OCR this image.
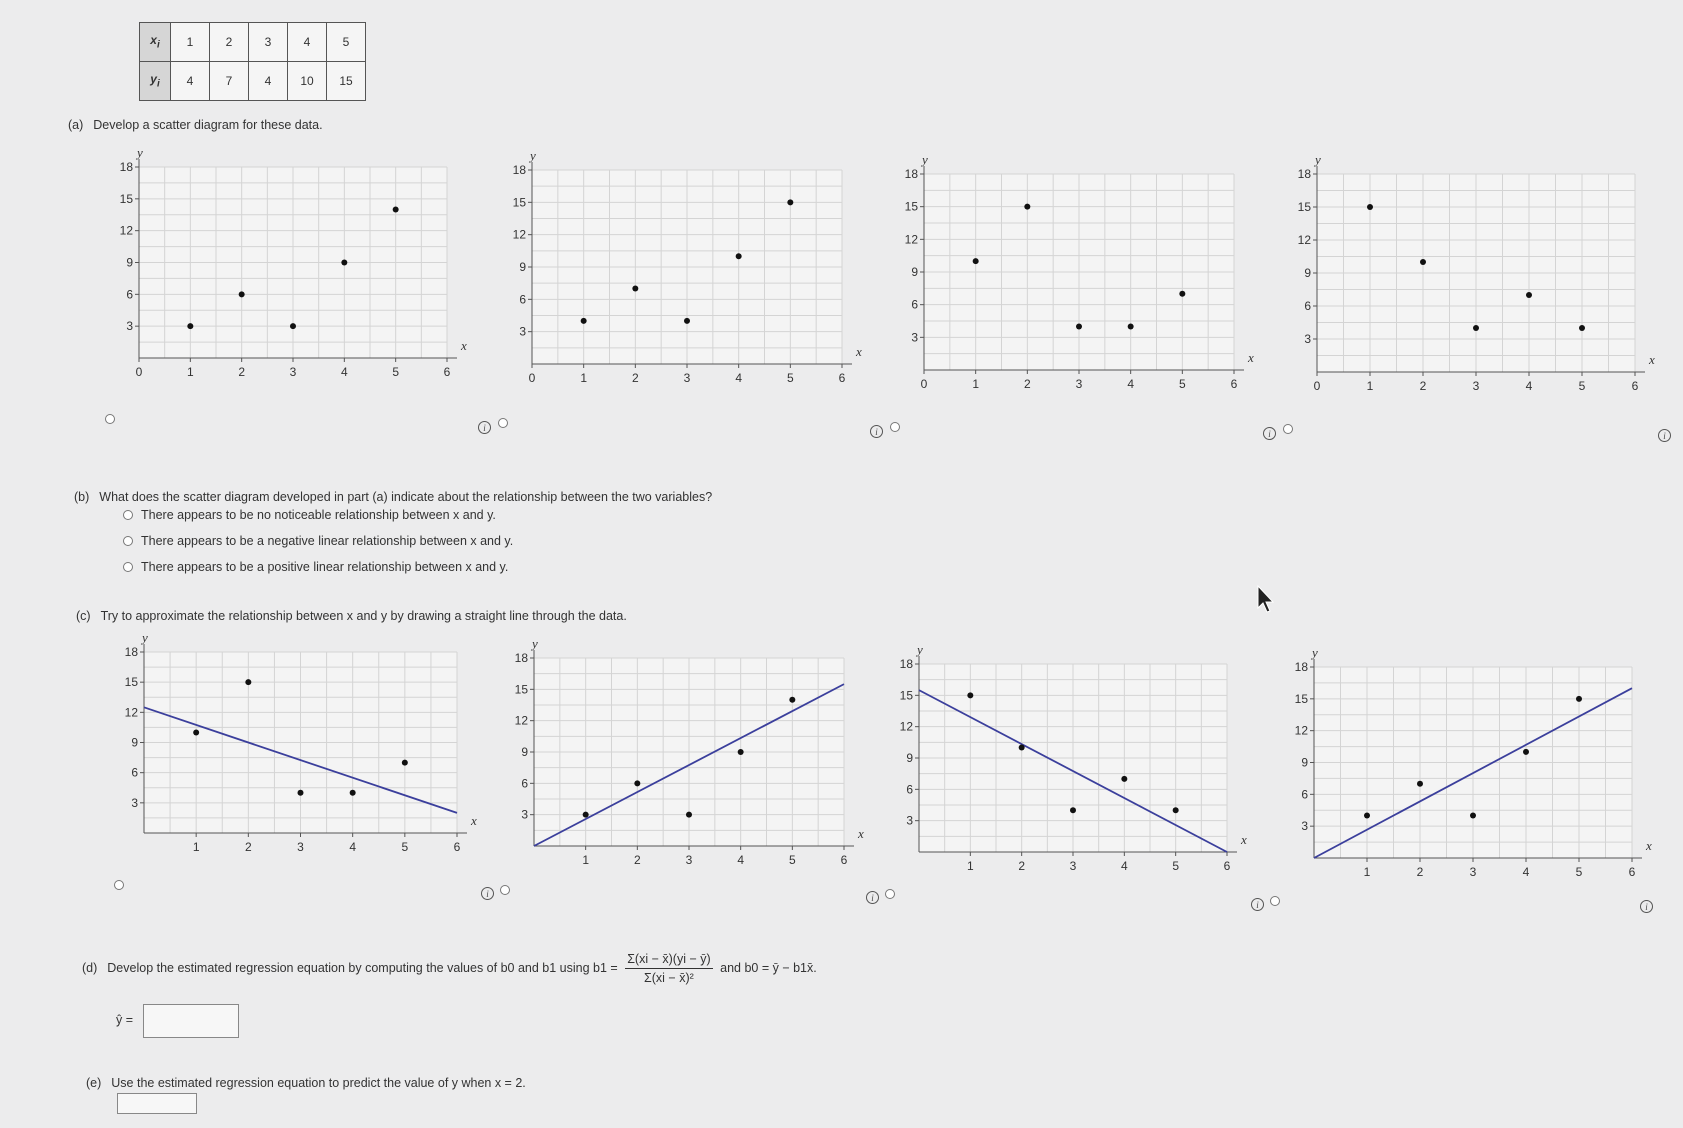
$x_i$	1	2	3	4	5
$y_i$	4	7	4	10	15
(a) Develop a scatter diagram for these data.
0	1	2	3	4	5	6
3
6
9
12
15
18
x
y
0	1	2	3	4	5	6
3
6
9
12
15
18
x
y
0	1	2	3	4	5	6
3
6
9
12
15
18
x
y
0	1	2	3	4	5	6
3
6
9
12
15
18
x
y
i	i	i	i
(b) What does the scatter diagram developed in part (a) indicate about the relationship between the two variables?
There appears to be no noticeable relationship between x and y.
There appears to be a negative linear relationship between x and y.
There appears to be a positive linear relationship between x and y.
(c) Try to approximate the relationship between x and y by drawing a straight line through the data.
1	2	3	4	5	6
3
6
9
12
15
18
x
y
1	2	3	4	5	6
3
6
9
12
15
18
x
y
1	2	3	4	5	6
3
6
9
12
15
18
x
y
1	2	3	4	5	6
3
6
9
12
15
18
x
y
i	i
i	i
(d) Develop the estimated regression equation by computing the values of b0 and b1 using $b1 = \frac{\Sigma(xi - x̄)(yi - ȳ)}{\text{Σ(xi − x̄)²}}$ and b0 = ȳ − b1x̄.
ŷ =
(e) Use the estimated regression equation to predict the value of y when x = 2.
